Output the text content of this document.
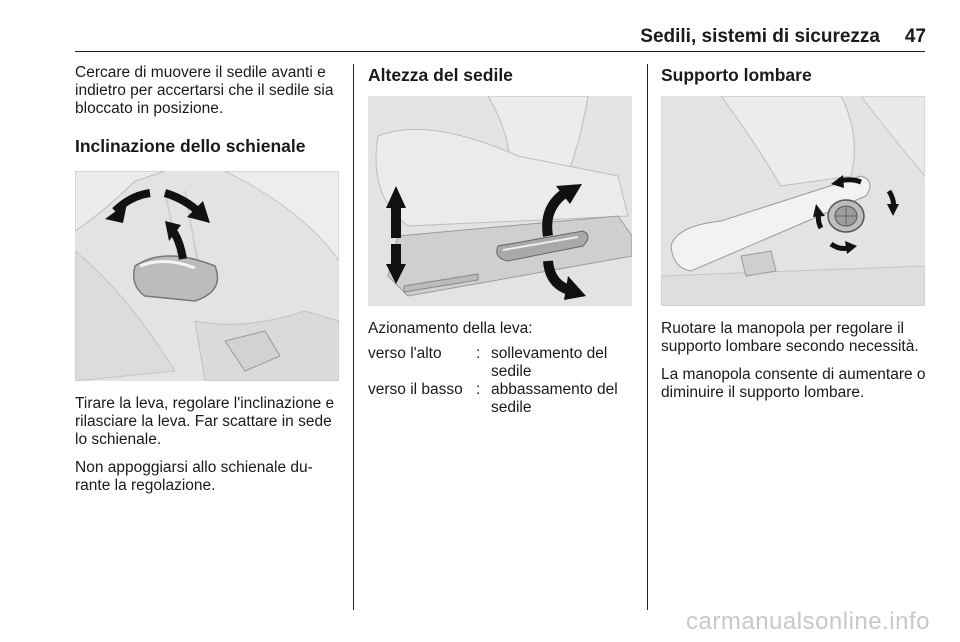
Sedili, sistemi di sicurezza	47

Cercare di muovere il sedile avanti e indietro per accertarsi che il sedile sia bloccato in posizione.

Inclinazione dello schienale

Tirare la leva, regolare l'inclinazione e rilasciare la leva. Far scattare in sede lo schienale.

Non appoggiarsi allo schienale du- rante la regolazione.

Altezza del sedile

Azionamento della leva:

verso l'alto	: sollevamento del sedile
verso il basso : abbassamento del sedile
Supporto lombare

Ruotare la manopola per regolare il supporto lombare secondo necessità.

La manopola consente di aumentare o diminuire il supporto lombare.

carmanualsonline.info
